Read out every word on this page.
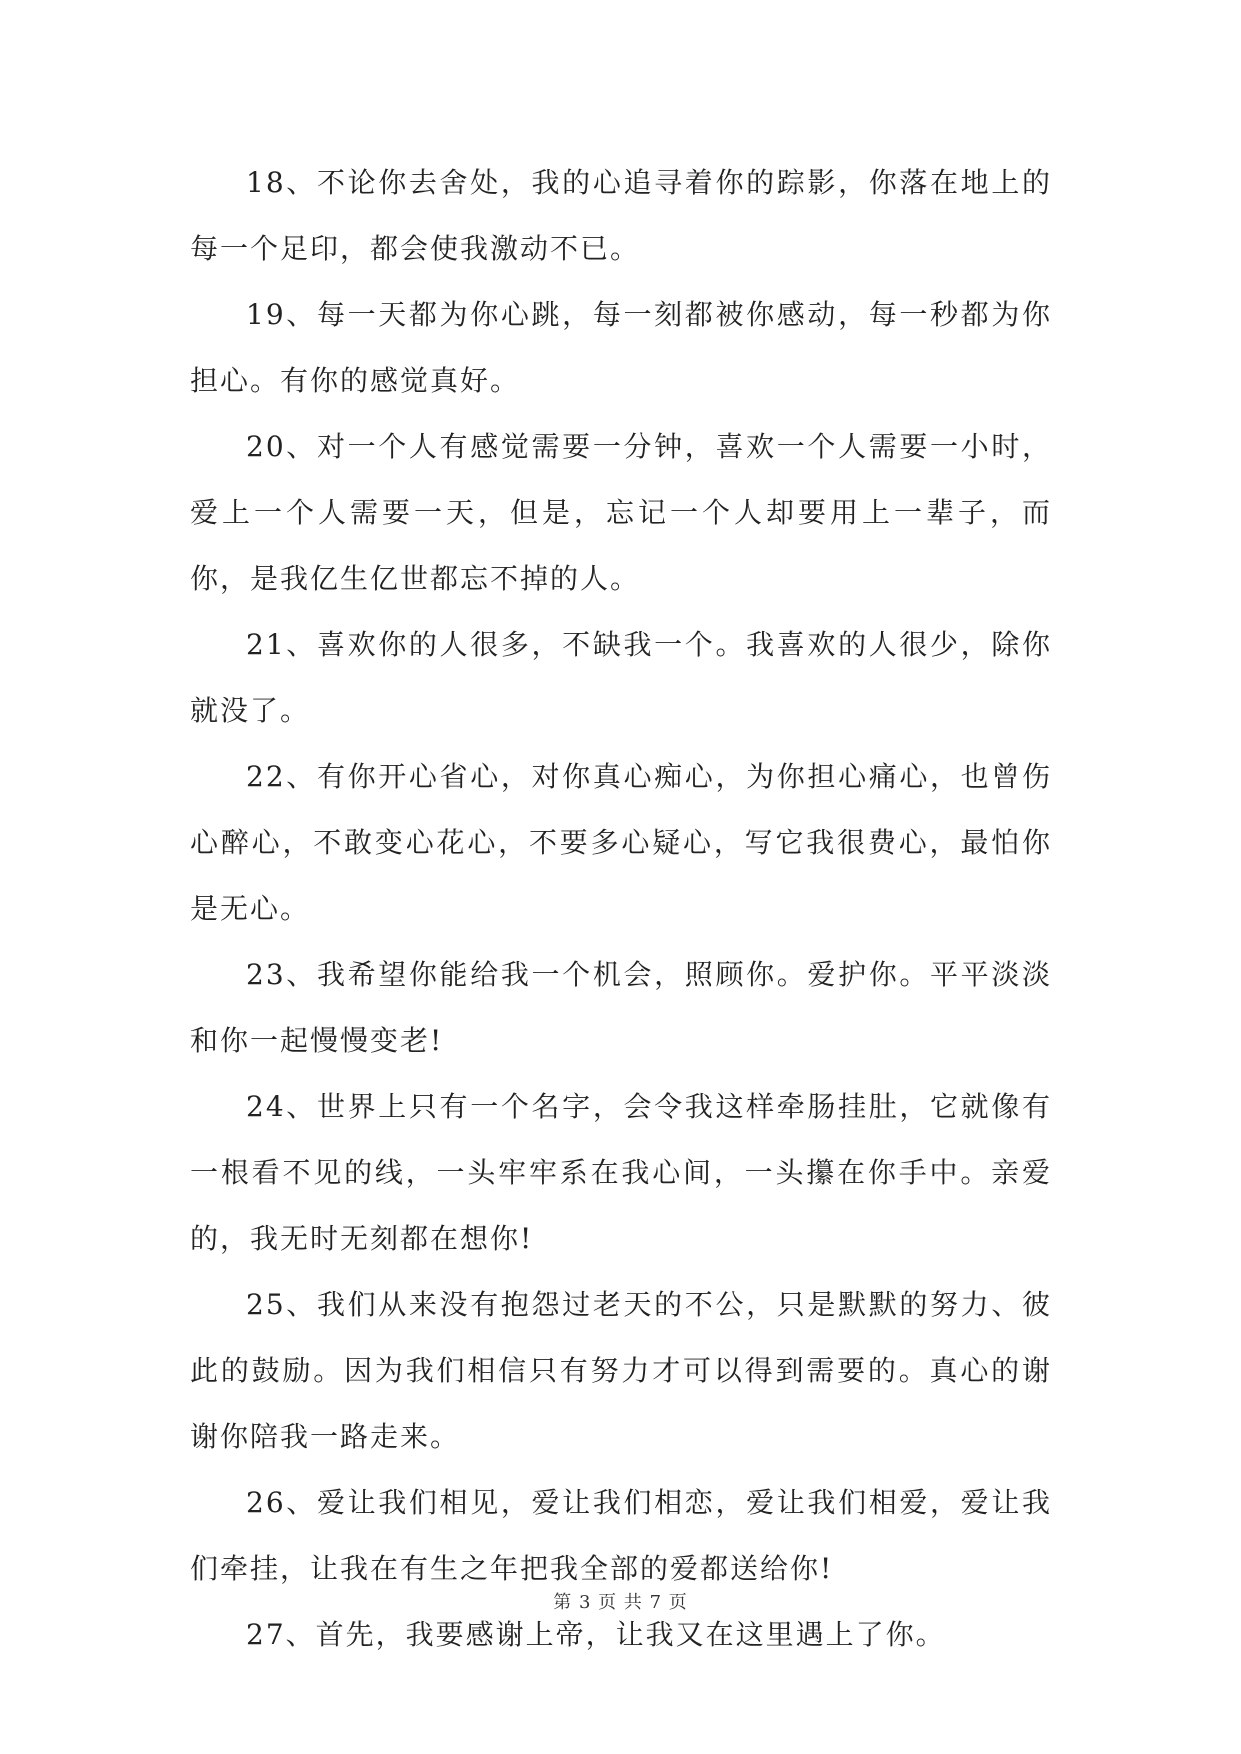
18、不论你去舍处，我的心追寻着你的踪影，你落在地上的每一个足印，都会使我激动不已。

19、每一天都为你心跳，每一刻都被你感动，每一秒都为你担心。有你的感觉真好。

20、对一个人有感觉需要一分钟，喜欢一个人需要一小时，爱上一个人需要一天，但是，忘记一个人却要用上一辈子，而你，是我亿生亿世都忘不掉的人。

21、喜欢你的人很多，不缺我一个。我喜欢的人很少，除你就没了。

22、有你开心省心，对你真心痴心，为你担心痛心，也曾伤心醉心，不敢变心花心，不要多心疑心，写它我很费心，最怕你是无心。

23、我希望你能给我一个机会，照顾你。爱护你。平平淡淡和你一起慢慢变老!

24、世界上只有一个名字，会令我这样牵肠挂肚，它就像有一根看不见的线，一头牢牢系在我心间，一头攥在你手中。亲爱的，我无时无刻都在想你!

25、我们从来没有抱怨过老天的不公，只是默默的努力、彼此的鼓励。因为我们相信只有努力才可以得到需要的。真心的谢谢你陪我一路走来。

26、爱让我们相见，爱让我们相恋，爱让我们相爱，爱让我们牵挂，让我在有生之年把我全部的爱都送给你!

27、首先，我要感谢上帝，让我又在这里遇上了你。

第 3 页 共 7 页
